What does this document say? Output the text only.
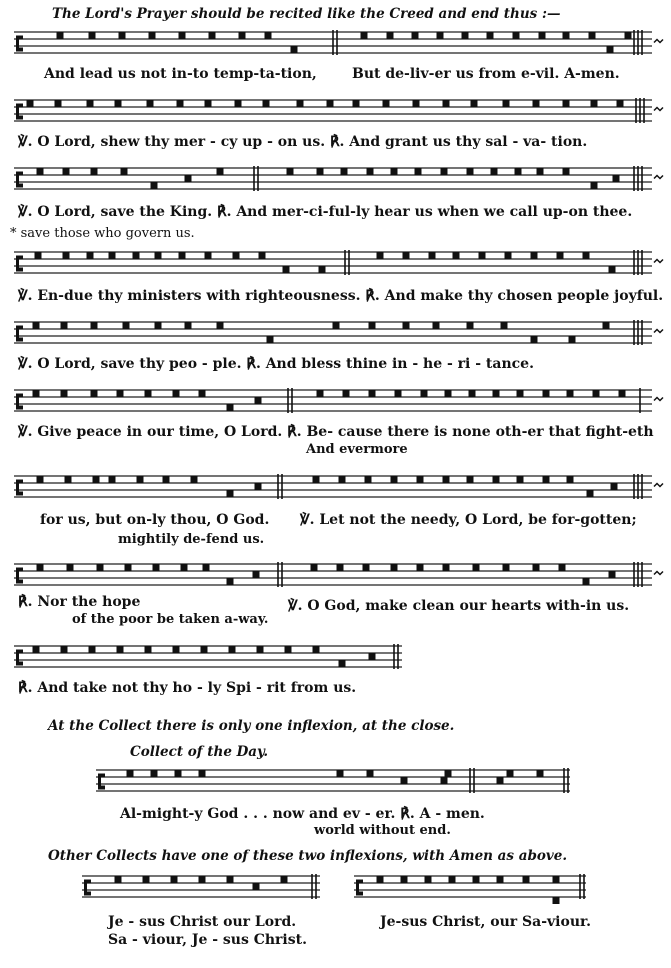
The Lord's Prayer should be recited like the Creed and end thus :—
And lead us not in-to temp-ta-tion,	But de-liv-er us from e-vil. A-men.
℣. O Lord, shew thy mer - cy up - on us. ℟. And grant us thy sal - va- tion.
℣. O Lord, save the King. ℟. And mer-ci-ful-ly hear us when we call up-on thee.
* save those who govern us.
℣. En-due thy ministers with righteousness. ℟. And make thy chosen people joyful.
℣. O Lord, save thy peo - ple. ℟. And bless thine in - he - ri - tance.
℣. Give peace in our time, O Lord. ℟. Be- cause there is none oth-er that fight-eth
And evermore
for us, but on-ly thou, O God.
mightily de-fend us.
℣. Let not the needy, O Lord, be for-gotten;
℟. Nor the hope
of the poor be taken a-way.
℣. O God, make clean our hearts with-in us.
℟. And take not thy ho - ly Spi - rit from us.
At the Collect there is only one inflexion, at the close.
Collect of the Day.
Al-might-y God . . . now and ev - er. ℟. A - men.
world without end.
Other Collects have one of these two inflexions, with Amen as above.
Je - sus Christ our Lord.
Sa - viour, Je - sus Christ.
Je-sus Christ, our Sa-viour.
